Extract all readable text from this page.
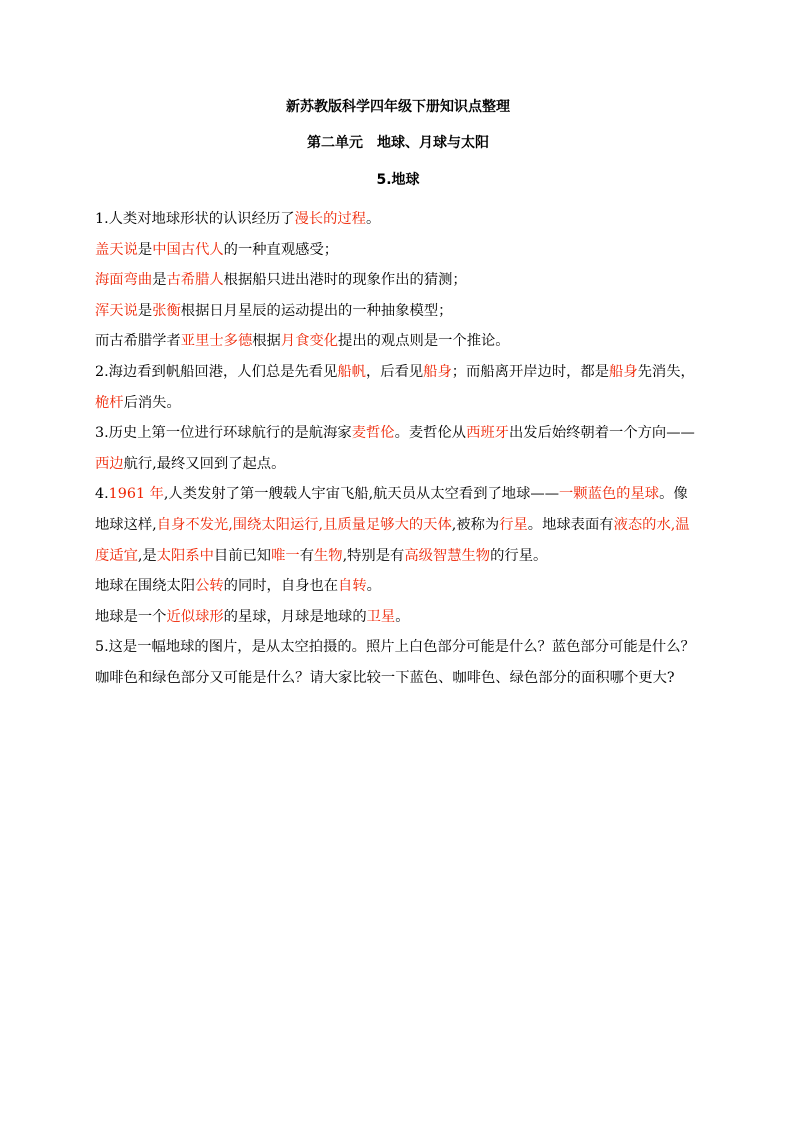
新苏教版科学四年级下册知识点整理

第二单元　地球、月球与太阳

5.地球

1.人类对地球形状的认识经历了漫长的过程。

盖天说是中国古代人的一种直观感受；

海面弯曲是古希腊人根据船只进出港时的现象作出的猜测；

浑天说是张衡根据日月星辰的运动提出的一种抽象模型；

而古希腊学者亚里士多德根据月食变化提出的观点则是一个推论。

2.海边看到帆船回港，人们总是先看见船帆，后看见船身；而船离开岸边时，都是船身先消失，桅杆后消失。

3.历史上第一位进行环球航行的是航海家麦哲伦。麦哲伦从西班牙出发后始终朝着一个方向——西边航行,最终又回到了起点。

4.1961 年,人类发射了第一艘载人宇宙飞船,航天员从太空看到了地球——一颗蓝色的星球。像地球这样,自身不发光,围绕太阳运行,且质量足够大的天体,被称为行星。地球表面有液态的水,温度适宜,是太阳系中目前已知唯一有生物,特别是有高级智慧生物的行星。

地球在围绕太阳公转的同时，自身也在自转。

地球是一个近似球形的星球，月球是地球的卫星。

5.这是一幅地球的图片，是从太空拍摄的。照片上白色部分可能是什么？蓝色部分可能是什么？咖啡色和绿色部分又可能是什么？请大家比较一下蓝色、咖啡色、绿色部分的面积哪个更大?
